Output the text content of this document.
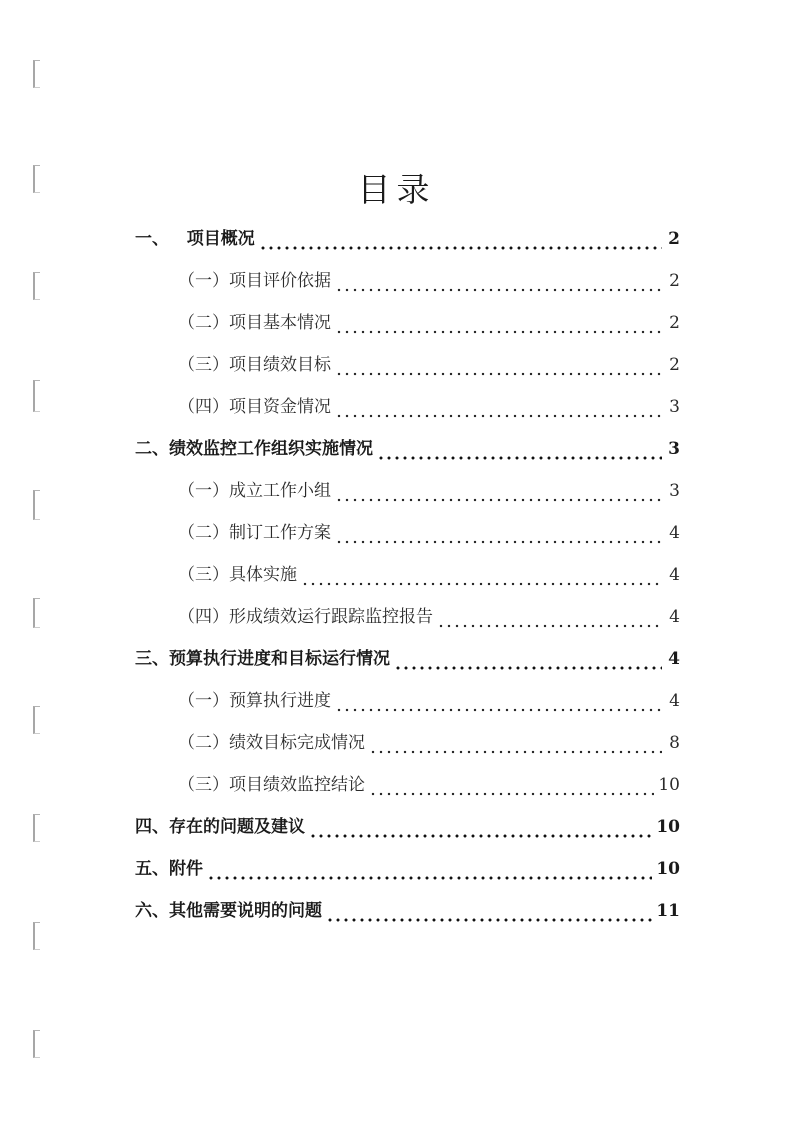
目录
一、   项目概况	2
（一）项目评价依据	2
（二）项目基本情况	2
（三）项目绩效目标	2
（四）项目资金情况	3
二、绩效监控工作组织实施情况	3
（一）成立工作小组	3
（二）制订工作方案	4
（三）具体实施	4
（四）形成绩效运行跟踪监控报告	4
三、预算执行进度和目标运行情况	4
（一）预算执行进度	4
（二）绩效目标完成情况	8
（三）项目绩效监控结论	10
四、存在的问题及建议	10
五、附件	10
六、其他需要说明的问题	11
